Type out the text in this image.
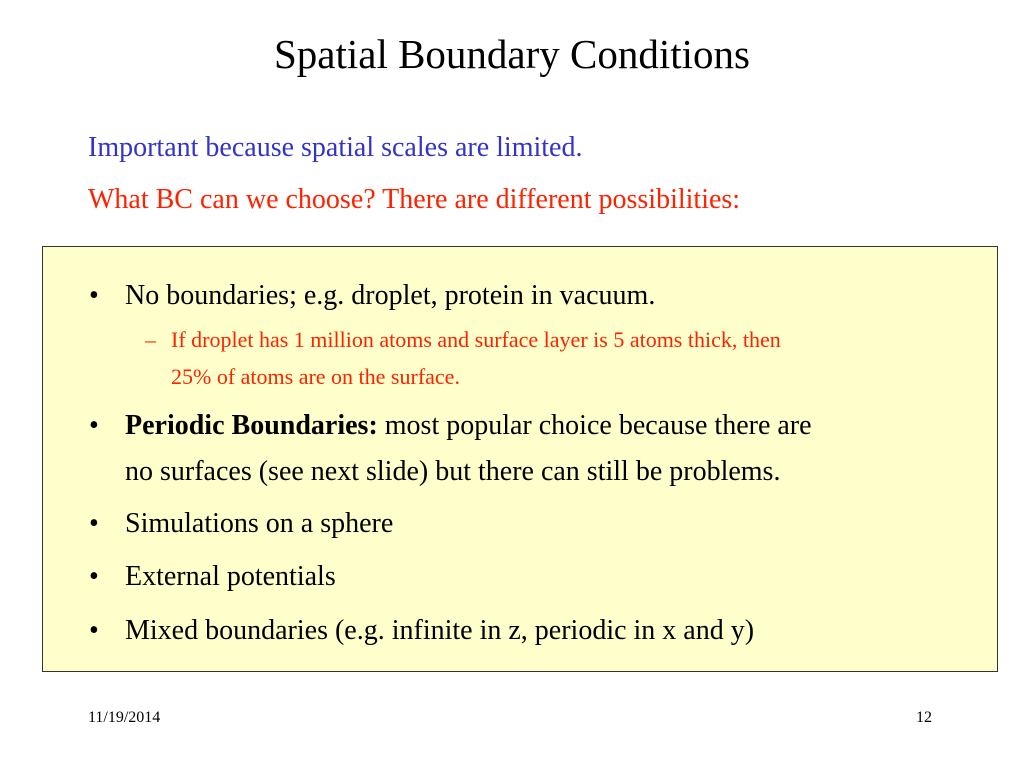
Spatial Boundary Conditions
Important because spatial scales are limited.
What BC can we choose? There are different possibilities:
• No boundaries; e.g. droplet, protein in vacuum.
– If droplet has 1 million atoms and surface layer is 5 atoms thick, then
25% of atoms are on the surface.
• Periodic Boundaries: most popular choice because there are
no surfaces (see next slide) but there can still be problems.
• Simulations on a sphere
• External potentials
• Mixed boundaries (e.g. infinite in z, periodic in x and y)
11/19/2014	12
